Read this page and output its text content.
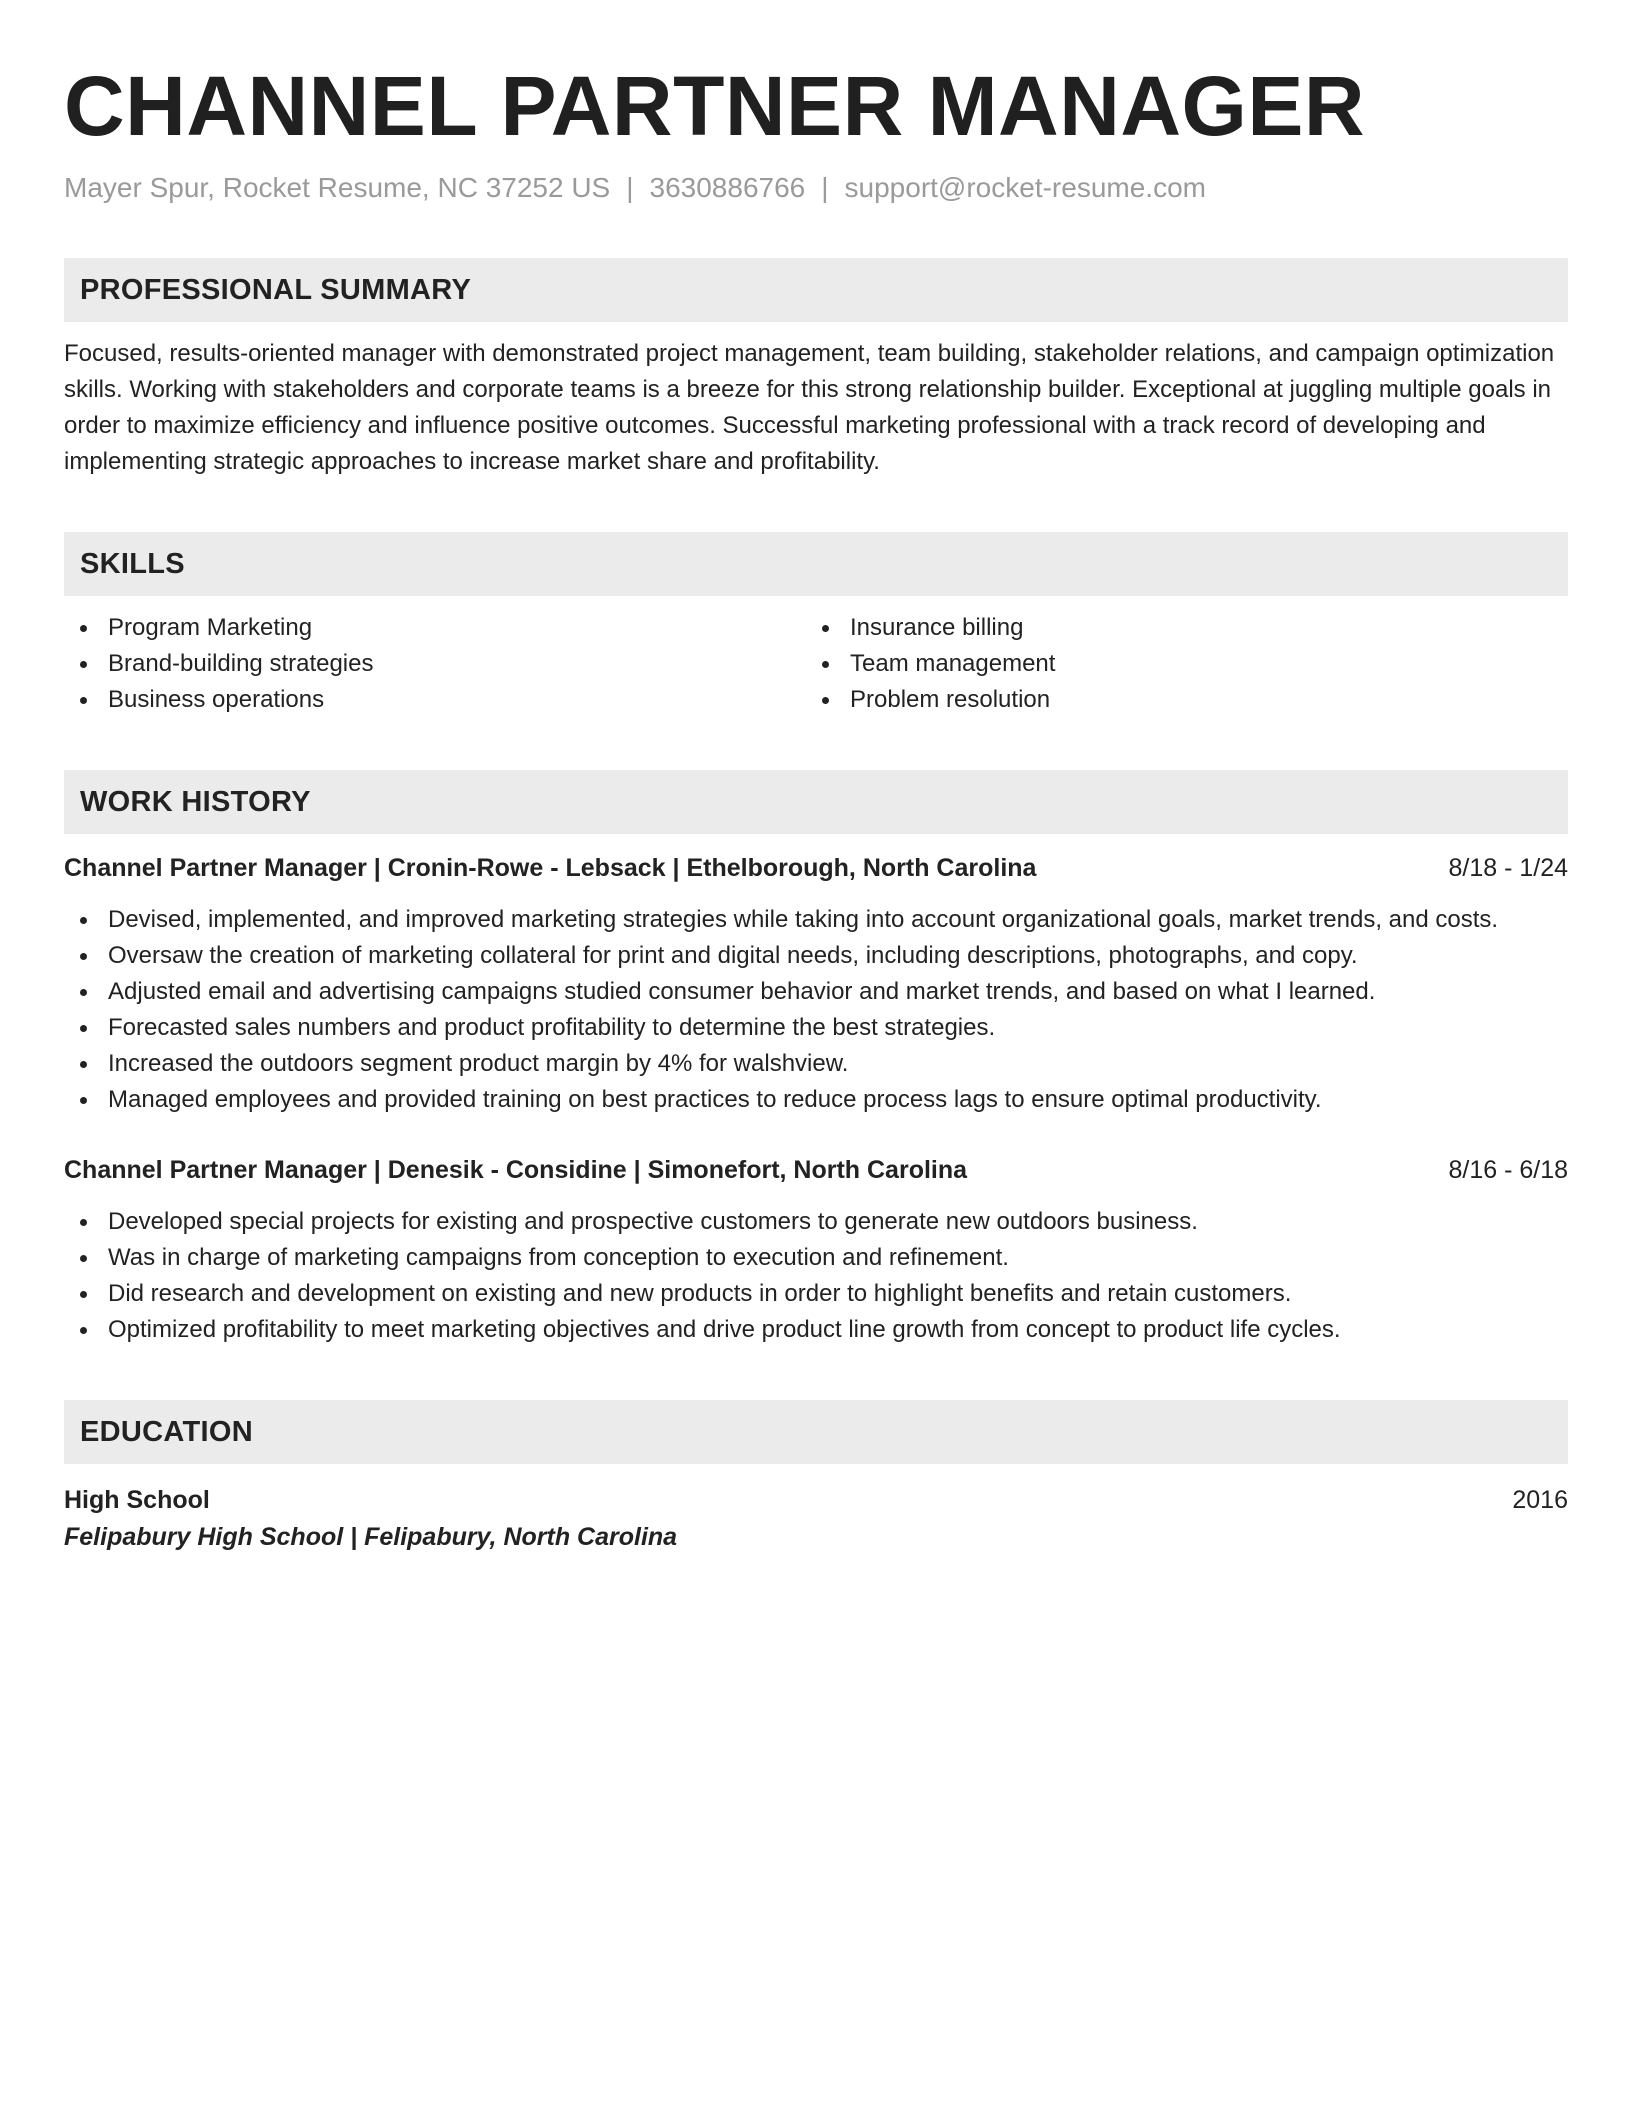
CHANNEL PARTNER MANAGER
Mayer Spur, Rocket Resume, NC 37252 US | 3630886766 | support@rocket-resume.com
PROFESSIONAL SUMMARY
Focused, results-oriented manager with demonstrated project management, team building, stakeholder relations, and campaign optimization skills. Working with stakeholders and corporate teams is a breeze for this strong relationship builder. Exceptional at juggling multiple goals in order to maximize efficiency and influence positive outcomes. Successful marketing professional with a track record of developing and implementing strategic approaches to increase market share and profitability.
SKILLS
Program Marketing
Brand-building strategies
Business operations
Insurance billing
Team management
Problem resolution
WORK HISTORY
Channel Partner Manager | Cronin-Rowe - Lebsack | Ethelborough, North Carolina	8/18 - 1/24
Devised, implemented, and improved marketing strategies while taking into account organizational goals, market trends, and costs.
Oversaw the creation of marketing collateral for print and digital needs, including descriptions, photographs, and copy.
Adjusted email and advertising campaigns studied consumer behavior and market trends, and based on what I learned.
Forecasted sales numbers and product profitability to determine the best strategies.
Increased the outdoors segment product margin by 4% for walshview.
Managed employees and provided training on best practices to reduce process lags to ensure optimal productivity.
Channel Partner Manager | Denesik - Considine | Simonefort, North Carolina	8/16 - 6/18
Developed special projects for existing and prospective customers to generate new outdoors business.
Was in charge of marketing campaigns from conception to execution and refinement.
Did research and development on existing and new products in order to highlight benefits and retain customers.
Optimized profitability to meet marketing objectives and drive product line growth from concept to product life cycles.
EDUCATION
High School	2016
Felipabury High School | Felipabury, North Carolina
